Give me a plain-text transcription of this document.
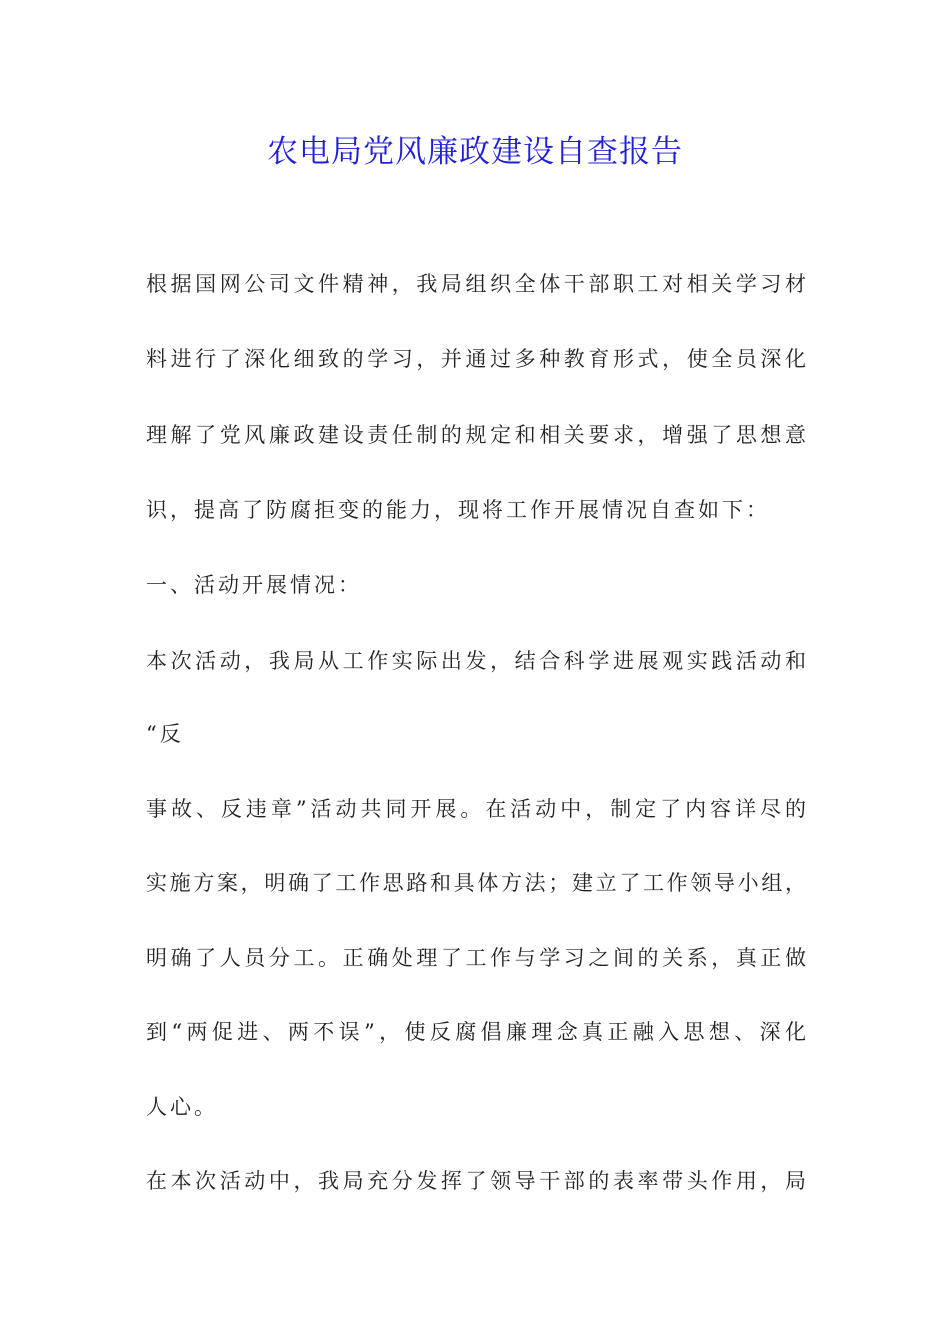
农电局党风廉政建设自查报告
根据国网公司文件精神，我局组织全体干部职工对相关学习材
料进行了深化细致的学习，并通过多种教育形式，使全员深化
理解了党风廉政建设责任制的规定和相关要求，增强了思想意
识，提高了防腐拒变的能力，现将工作开展情况自查如下：
一、活动开展情况：
本次活动，我局从工作实际出发，结合科学进展观实践活动和
“反
事故、反违章”活动共同开展。在活动中，制定了内容详尽的
实施方案，明确了工作思路和具体方法；建立了工作领导小组，
明确了人员分工。正确处理了工作与学习之间的关系，真正做
到“两促进、两不误”，使反腐倡廉理念真正融入思想、深化
人心。
在本次活动中，我局充分发挥了领导干部的表率带头作用，局
